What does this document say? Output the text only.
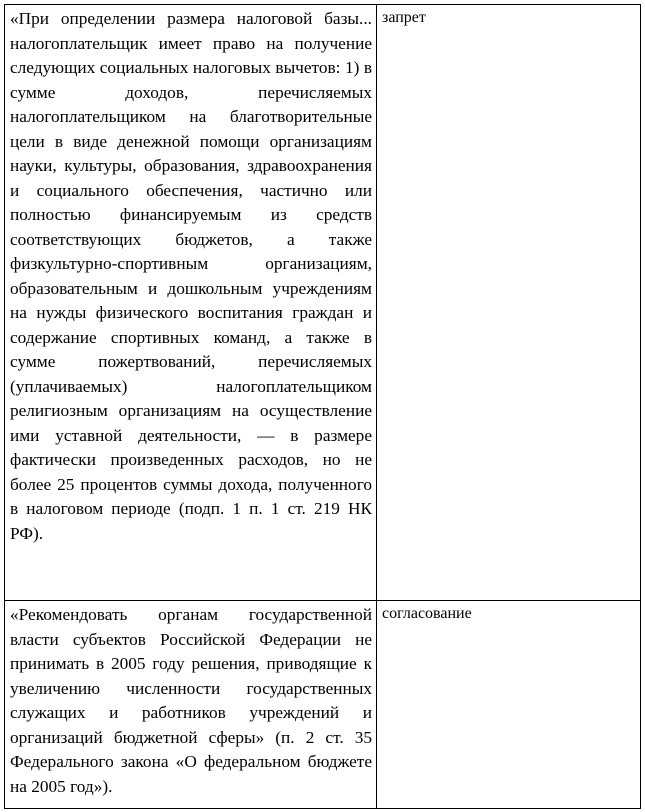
«При определении размера налоговой базы... налогоплательщик имеет право на получение следующих социальных налоговых вычетов: 1) в сумме доходов, перечисляемых налогоплательщиком на благотворительные цели в виде денежной помощи организациям науки, культуры, образования, здравоохранения и социального обеспечения, частично или полностью финансируемым из средств соответствующих бюджетов, а также физкультурно-спортивным организациям, образовательным и дошкольным учреждениям на нужды физического воспитания граждан и содержание спортивных команд, а также в сумме пожертвований, перечисляемых (уплачиваемых) налогоплательщиком религиозным организациям на осуществление ими уставной деятельности, — в размере фактически произведенных расходов, но не более 25 процентов суммы дохода, полученного в налоговом периоде (подп. 1 п. 1 ст. 219 НК РФ).	запрет

«Рекомендовать органам государственной власти субъектов Российской Федерации не принимать в 2005 году решения, приводящие к увеличению численности государственных служащих и работников учреждений и организаций бюджетной сферы» (п. 2 ст. 35 Федерального закона «О федеральном бюджете на 2005 год»).	согласование
